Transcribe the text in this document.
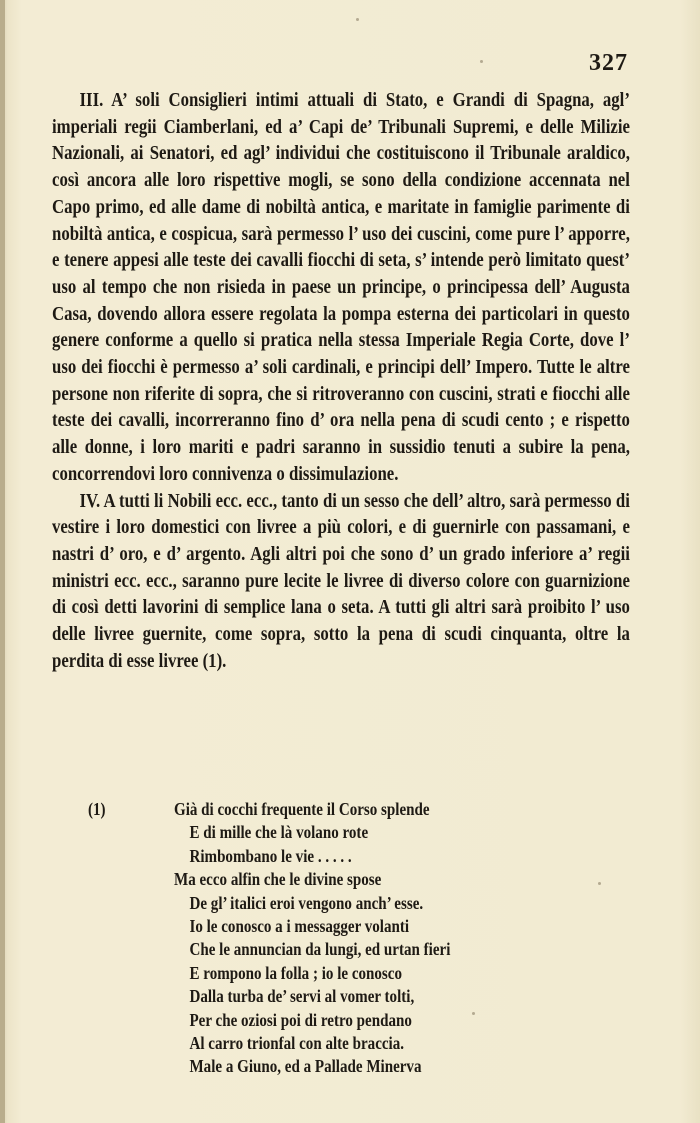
327

III. A’ soli Consiglieri intimi attuali di Stato, e Grandi di Spagna, agl’ imperiali regii Ciamberlani, ed a’ Capi de’ Tribunali Supremi, e delle Milizie Nazionali, ai Senatori, ed agl’ individui che costituiscono il Tribunale araldico, così ancora alle loro rispettive mogli, se sono della condizione accennata nel Capo primo, ed alle dame di nobiltà antica, e maritate in famiglie parimente di nobiltà antica, e cospicua, sarà permesso l’ uso dei cuscini, come pure l’ apporre, e tenere appesi alle teste dei cavalli fiocchi di seta, s’ intende però limitato quest’ uso al tempo che non risieda in paese un principe, o principessa dell’ Augusta Casa, dovendo allora essere regolata la pompa esterna dei particolari in questo genere conforme a quello si pratica nella stessa Imperiale Regia Corte, dove l’ uso dei fiocchi è permesso a’ soli cardinali, e principi dell’ Impero. Tutte le altre persone non riferite di sopra, che si ritroveranno con cuscini, strati e fiocchi alle teste dei cavalli, incorreranno fino d’ ora nella pena di scudi cento ; e rispetto alle donne, i loro mariti e padri saranno in sussidio tenuti a subire la pena, concorrendovi loro connivenza o dissimulazione.

IV. A tutti li Nobili ecc. ecc., tanto di un sesso che dell’ altro, sarà permesso di vestire i loro domestici con livree a più colori, e di guernirle con passamani, e nastri d’ oro, e d’ argento. Agli altri poi che sono d’ un grado inferiore a’ regii ministri ecc. ecc., saranno pure lecite le livree di diverso colore con guarnizione di così detti lavorini di semplice lana o seta. A tutti gli altri sarà proibito l’ uso delle livree guernite, come sopra, sotto la pena di scudi cinquanta, oltre la perdita di esse livree (1).

(1)	Già di cocchi frequente il Corso splende
E di mille che là volano rote
Rimbombano le vie . . . . .
Ma ecco alfin che le divine spose
De gl’ italici eroi vengono anch’ esse.
Io le conosco a i messagger volanti
Che le annuncian da lungi, ed urtan fieri
E rompono la folla ; io le conosco
Dalla turba de’ servi al vomer tolti,
Per che oziosi poi di retro pendano
Al carro trionfal con alte braccia.
Male a Giuno, ed a Pallade Minerva
